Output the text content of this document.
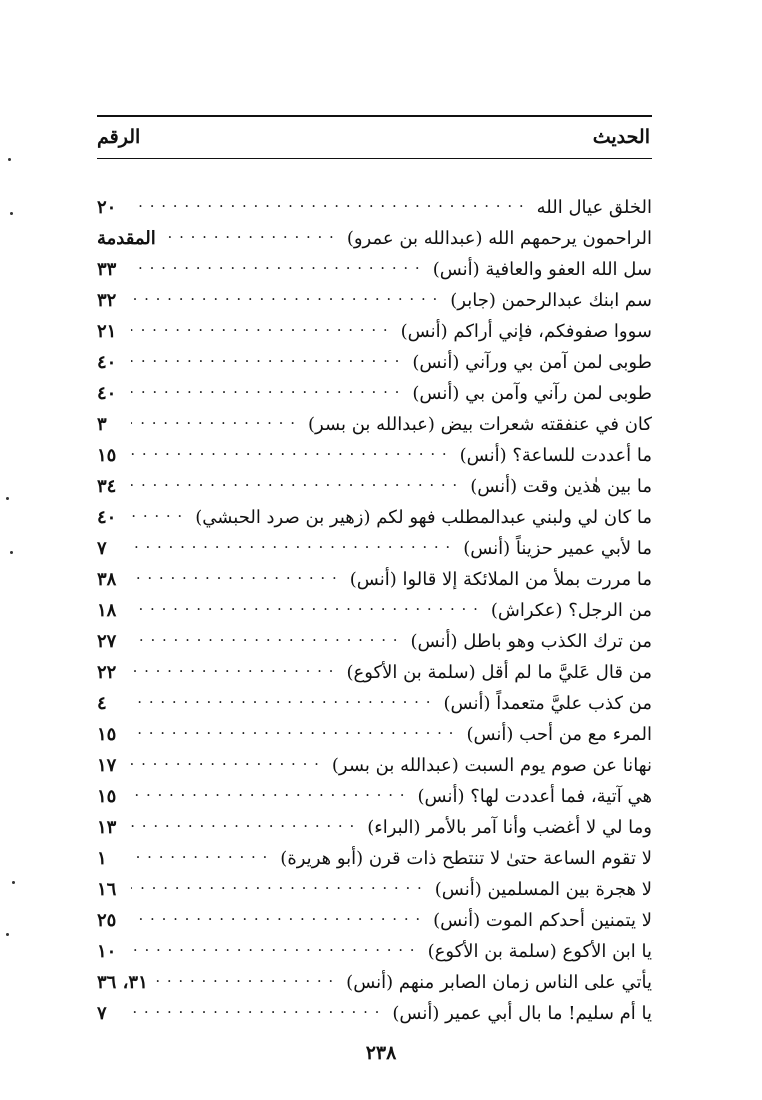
الحديث
الرقم
الخلق عيال الله
. . .
٢٠
الراحمون يرحمهم الله (عبدالله بن عمرو)
. . .
المقدمة
سل الله العفو والعافية (أنس)
. . .
٣٣
سم ابنك عبدالرحمن (جابر)
. . .
٣٢
سووا صفوفكم، فإني أراكم (أنس)
. . .
٢١
طوبى لمن آمن بي ورآني (أنس)
. . .
٤٠
طوبى لمن رآني وآمن بي (أنس)
. . .
٤٠
كان في عنفقته شعرات بيض (عبدالله بن بسر)
. . .
٣
ما أعددت للساعة؟ (أنس)
. . .
١٥
ما بين هٰذين وقت (أنس)
. . .
٣٤
ما كان لي ولبني عبدالمطلب فهو لكم (زهير بن صرد الحبشي)
. . .
٤٠
ما لأبي عمير حزيناً (أنس)
. . .
٧
ما مررت بملأ من الملائكة إلا قالوا (أنس)
. . .
٣٨
من الرجل؟ (عكراش)
. . .
١٨
من ترك الكذب وهو باطل (أنس)
. . .
٢٧
من قال عَليَّ ما لم أقل (سلمة بن الأكوع)
. . .
٢٢
من كذب عليَّ متعمداً (أنس)
. . .
٤
المرء مع من أحب (أنس)
. . .
١٥
نهانا عن صوم يوم السبت (عبدالله بن بسر)
. . .
١٧
هي آتية، فما أعددت لها؟ (أنس)
. . .
١٥
وما لي لا أغضب وأنا آمر بالأمر (البراء)
. . .
١٣
لا تقوم الساعة حتىٰ لا تنتطح ذات قرن (أبو هريرة)
. . .
١
لا هجرة بين المسلمين (أنس)
. . .
١٦
لا يتمنين أحدكم الموت (أنس)
. . .
٢٥
يا ابن الأكوع (سلمة بن الأكوع)
. . .
١٠
يأتي على الناس زمان الصابر منهم (أنس)
. . .
٣١، ٣٦
يا أم سليم! ما بال أبي عمير (أنس)
. . .
٧
٢٣٨
